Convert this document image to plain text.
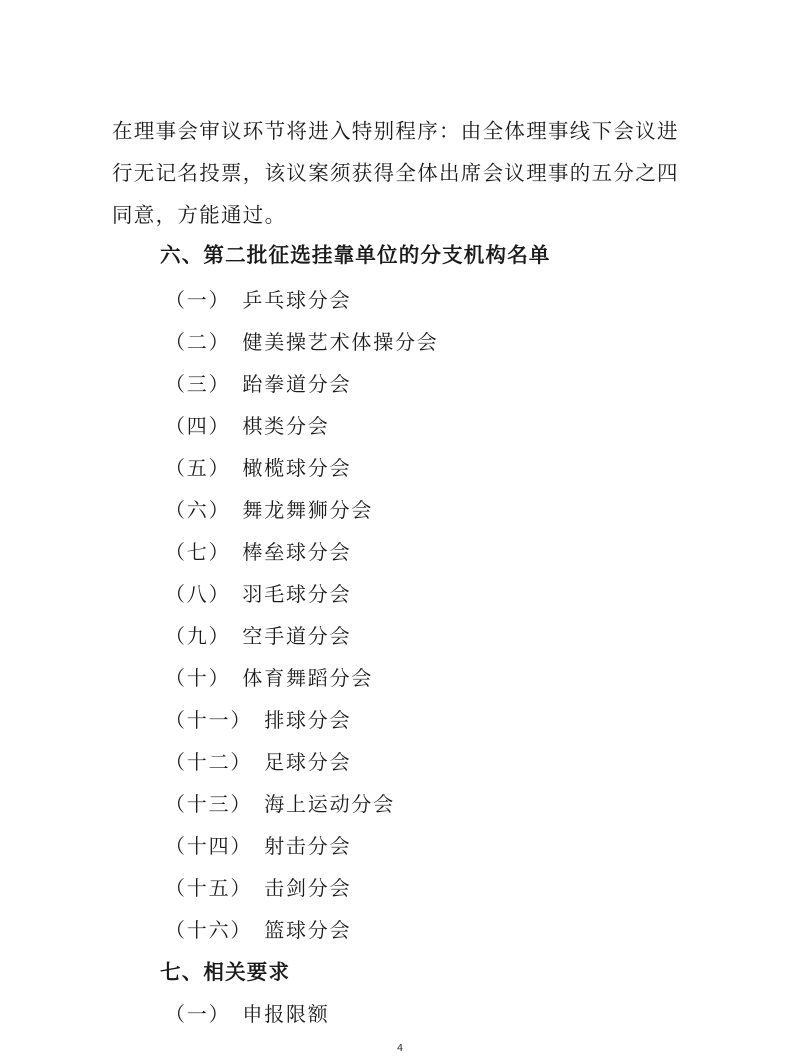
在理事会审议环节将进入特别程序：由全体理事线下会议进
行无记名投票，该议案须获得全体出席会议理事的五分之四
同意，方能通过。
六、第二批征选挂靠单位的分支机构名单
（一） 乒乓球分会
（二） 健美操艺术体操分会
（三） 跆拳道分会
（四） 棋类分会
（五） 橄榄球分会
（六） 舞龙舞狮分会
（七） 棒垒球分会
（八） 羽毛球分会
（九） 空手道分会
（十） 体育舞蹈分会
（十一） 排球分会
（十二） 足球分会
（十三） 海上运动分会
（十四） 射击分会
（十五） 击剑分会
（十六） 篮球分会
七、相关要求
（一） 申报限额
4
